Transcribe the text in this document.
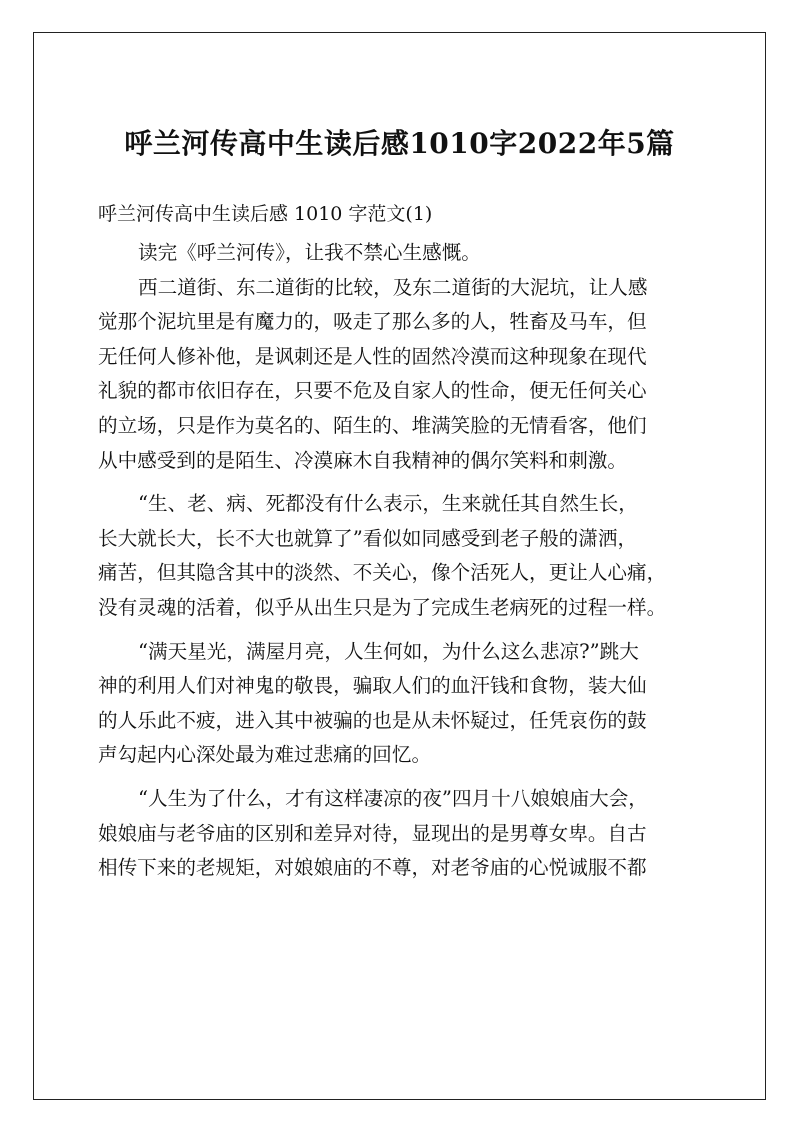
呼兰河传高中生读后感1010字2022年5篇

呼兰河传高中生读后感 1010 字范文(1)

读完《呼兰河传》，让我不禁心生感慨。
西二道街、东二道街的比较，及东二道街的大泥坑，让人感
觉那个泥坑里是有魔力的，吸走了那么多的人，牲畜及马车，但
无任何人修补他，是讽刺还是人性的固然冷漠而这种现象在现代
礼貌的都市依旧存在，只要不危及自家人的性命，便无任何关心
的立场，只是作为莫名的、陌生的、堆满笑脸的无情看客，他们
从中感受到的是陌生、冷漠麻木自我精神的偶尔笑料和刺激。
“生、老、病、死都没有什么表示，生来就任其自然生长，
长大就长大，长不大也就算了”看似如同感受到老子般的潇洒，
痛苦，但其隐含其中的淡然、不关心，像个活死人，更让人心痛，
没有灵魂的活着，似乎从出生只是为了完成生老病死的过程一样。
“满天星光，满屋月亮，人生何如，为什么这么悲凉?”跳大
神的利用人们对神鬼的敬畏，骗取人们的血汗钱和食物，装大仙
的人乐此不疲，进入其中被骗的也是从未怀疑过，任凭哀伤的鼓
声勾起内心深处最为难过悲痛的回忆。
“人生为了什么，才有这样凄凉的夜”四月十八娘娘庙大会，
娘娘庙与老爷庙的区别和差异对待，显现出的是男尊女卑。自古
相传下来的老规矩，对娘娘庙的不尊，对老爷庙的心悦诚服不都
